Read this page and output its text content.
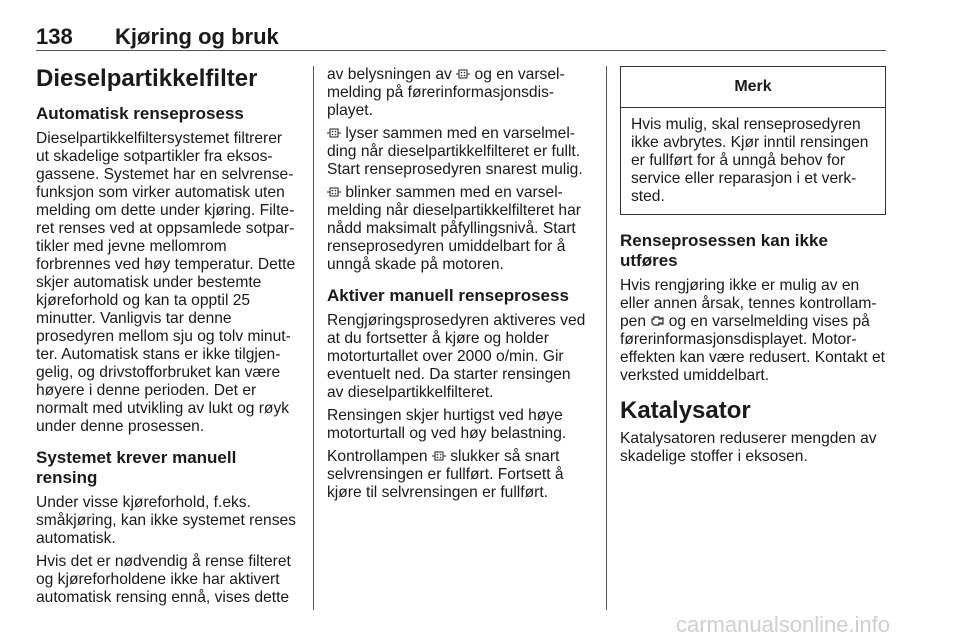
138 Kjøring og bruk
Dieselpartikkelfilter
Automatisk renseprosess

Dieselpartikkelfiltersystemet filtrerer ut skadelige sotpartikler fra eksos-gassene. Systemet har en selvrense-funksjon som virker automatisk uten melding om dette under kjøring. Filte-ret renses ved at oppsamlede sotpar-tikler med jevne mellomrom forbrennes ved høy temperatur. Dette skjer automatisk under bestemte kjøreforhold og kan ta opptil 25 minutter. Vanligvis tar denne prosedyren mellom sju og tolv minut-ter. Automatisk stans er ikke tilgjen-gelig, og drivstofforbruket kan være høyere i denne perioden. Det er normalt med utvikling av lukt og røyk under denne prosessen.

Systemet krever manuell rensing

Under visse kjøreforhold, f.eks. småkjøring, kan ikke systemet renses automatisk.

Hvis det er nødvendig å rense filteret og kjøreforholdene ikke har aktivert automatisk rensing ennå, vises dette

av belysningen av og en varsel-melding på førerinformasjonsdis-playet.

lyser sammen med en varselmel-ding når dieselpartikkelfilteret er fullt. Start renseprosedyren snarest mulig.

blinker sammen med en varsel-melding når dieselpartikkelfilteret har nådd maksimalt påfyllingsnivå. Start renseprosedyren umiddelbart for å unngå skade på motoren.

Aktiver manuell renseprosess

Rengjøringsprosedyren aktiveres ved at du fortsetter å kjøre og holder motorturtallet over 2000 o/min. Gir eventuelt ned. Da starter rensingen av dieselpartikkelfilteret.

Rensingen skjer hurtigst ved høye motorturtall og ved høy belastning.

Kontrollampen slukker så snart selvrensingen er fullført. Fortsett å kjøre til selvrensingen er fullført.

Merk
Hvis mulig, skal renseprosedyren ikke avbrytes. Kjør inntil rensingen er fullført for å unngå behov for service eller reparasjon i et verk-sted.
Renseprosessen kan ikke utføres

Hvis rengjøring ikke er mulig av en eller annen årsak, tennes kontrollam-pen og en varselmelding vises på førerinformasjonsdisplayet. Motor-effekten kan være redusert. Kontakt et verksted umiddelbart.

Katalysator

Katalysatoren reduserer mengden av skadelige stoffer i eksosen.

carmanualsonline.info
